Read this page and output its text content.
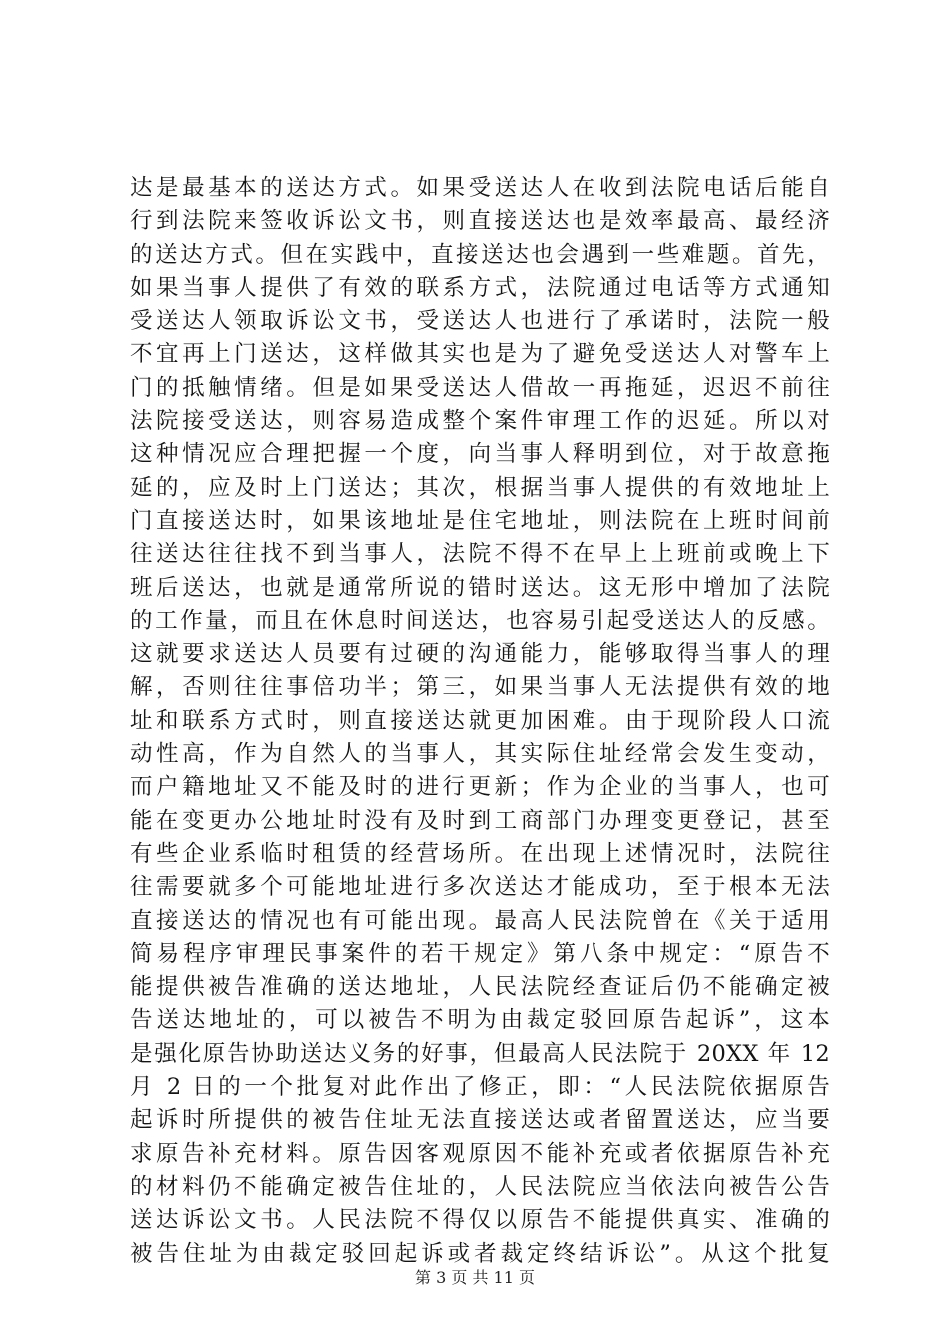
达是最基本的送达方式。如果受送达人在收到法院电话后能自
行到法院来签收诉讼文书，则直接送达也是效率最高、最经济
的送达方式。但在实践中，直接送达也会遇到一些难题。首先，
如果当事人提供了有效的联系方式，法院通过电话等方式通知
受送达人领取诉讼文书，受送达人也进行了承诺时，法院一般
不宜再上门送达，这样做其实也是为了避免受送达人对警车上
门的抵触情绪。但是如果受送达人借故一再拖延，迟迟不前往
法院接受送达，则容易造成整个案件审理工作的迟延。所以对
这种情况应合理把握一个度，向当事人释明到位，对于故意拖
延的，应及时上门送达；其次，根据当事人提供的有效地址上
门直接送达时，如果该地址是住宅地址，则法院在上班时间前
往送达往往找不到当事人，法院不得不在早上上班前或晚上下
班后送达，也就是通常所说的错时送达。这无形中增加了法院
的工作量，而且在休息时间送达，也容易引起受送达人的反感。
这就要求送达人员要有过硬的沟通能力，能够取得当事人的理
解，否则往往事倍功半；第三，如果当事人无法提供有效的地
址和联系方式时，则直接送达就更加困难。由于现阶段人口流
动性高，作为自然人的当事人，其实际住址经常会发生变动，
而户籍地址又不能及时的进行更新；作为企业的当事人，也可
能在变更办公地址时没有及时到工商部门办理变更登记，甚至
有些企业系临时租赁的经营场所。在出现上述情况时，法院往
往需要就多个可能地址进行多次送达才能成功，至于根本无法
直接送达的情况也有可能出现。最高人民法院曾在《关于适用
简易程序审理民事案件的若干规定》第八条中规定：“原告不
能提供被告准确的送达地址，人民法院经查证后仍不能确定被
告送达地址的，可以被告不明为由裁定驳回原告起诉”，这本
是强化原告协助送达义务的好事，但最高人民法院于 20XX 年 12
月 2 日的一个批复对此作出了修正，即：“人民法院依据原告
起诉时所提供的被告住址无法直接送达或者留置送达，应当要
求原告补充材料。原告因客观原因不能补充或者依据原告补充
的材料仍不能确定被告住址的，人民法院应当依法向被告公告
送达诉讼文书。人民法院不得仅以原告不能提供真实、准确的
被告住址为由裁定驳回起诉或者裁定终结诉讼”。从这个批复
第 3 页 共 11 页
